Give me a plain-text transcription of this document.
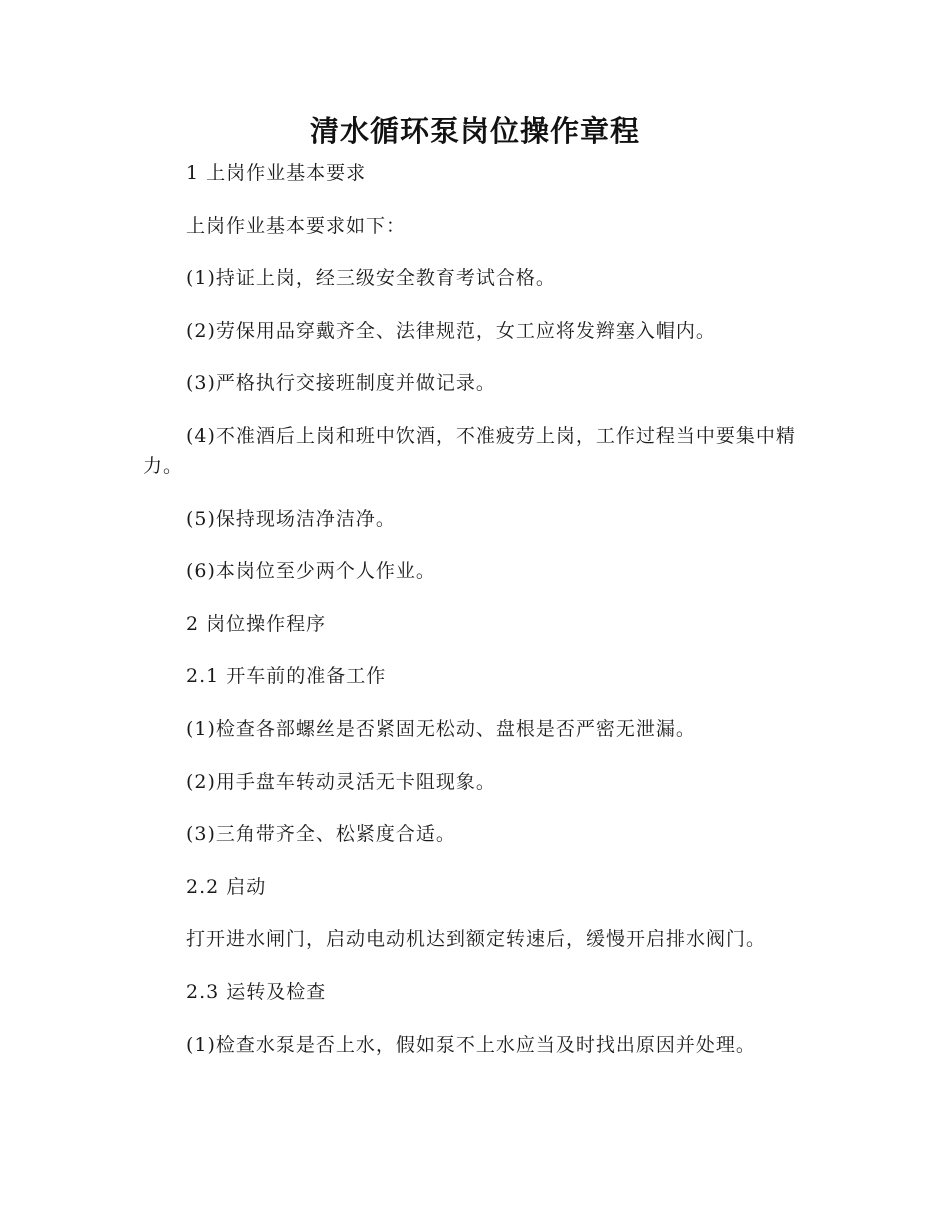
清水循环泵岗位操作章程

1 上岗作业基本要求

上岗作业基本要求如下：

(1)持证上岗，经三级安全教育考试合格。

(2)劳保用品穿戴齐全、法律规范，女工应将发辫塞入帽内。

(3)严格执行交接班制度并做记录。

(4)不准酒后上岗和班中饮酒，不准疲劳上岗，工作过程当中要集中精力。

(5)保持现场洁净洁净。

(6)本岗位至少两个人作业。

2 岗位操作程序

2.1 开车前的准备工作

(1)检查各部螺丝是否紧固无松动、盘根是否严密无泄漏。

(2)用手盘车转动灵活无卡阻现象。

(3)三角带齐全、松紧度合适。

2.2 启动

打开进水闸门，启动电动机达到额定转速后，缓慢开启排水阀门。

2.3 运转及检查

(1)检查水泵是否上水，假如泵不上水应当及时找出原因并处理。
